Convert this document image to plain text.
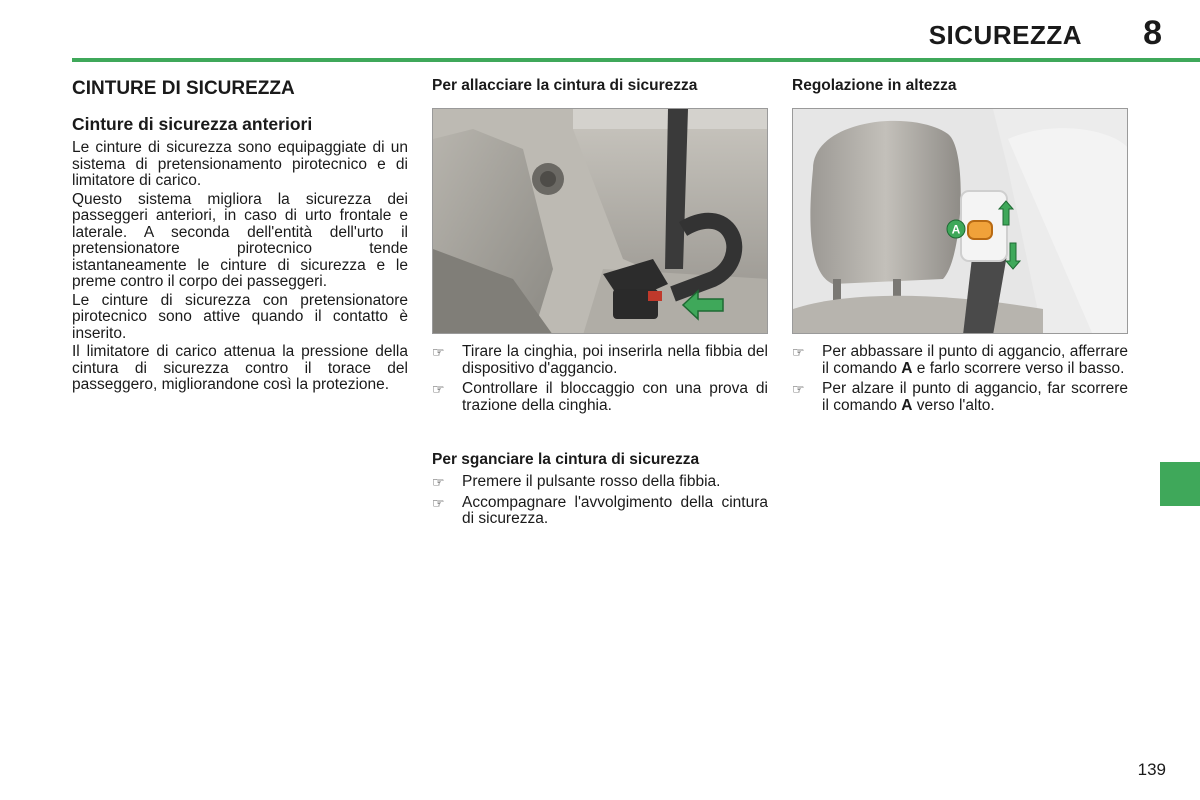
SICUREZZA 8
CINTURE DI SICUREZZA
Cinture di sicurezza anteriori

Le cinture di sicurezza sono equipaggiate di un sistema di pretensionamento pirotecnico e di limitatore di carico.

Questo sistema migliora la sicurezza dei passeggeri anteriori, in caso di urto frontale e laterale. A seconda dell'entità dell'urto il pretensionatore pirotecnico tende istantaneamente le cinture di sicurezza e le preme contro il corpo dei passeggeri.

Le cinture di sicurezza con pretensionatore pirotecnico sono attive quando il contatto è inserito.

Il limitatore di carico attenua la pressione della cintura di sicurezza contro il torace del passeggero, migliorandone così la protezione.

Per allacciare la cintura di sicurezza
☞ Tirare la cinghia, poi inserirla nella fibbia del dispositivo d'aggancio.
☞ Controllare il bloccaggio con una prova di trazione della cinghia.
Per sganciare la cintura di sicurezza
☞ Premere il pulsante rosso della fibbia.
☞ Accompagnare l'avvolgimento della cintura di sicurezza.
Regolazione in altezza
A
☞ Per abbassare il punto di aggancio, afferrare il comando A e farlo scorrere verso il basso.
☞ Per alzare il punto di aggancio, far scorrere il comando A verso l'alto.
139
